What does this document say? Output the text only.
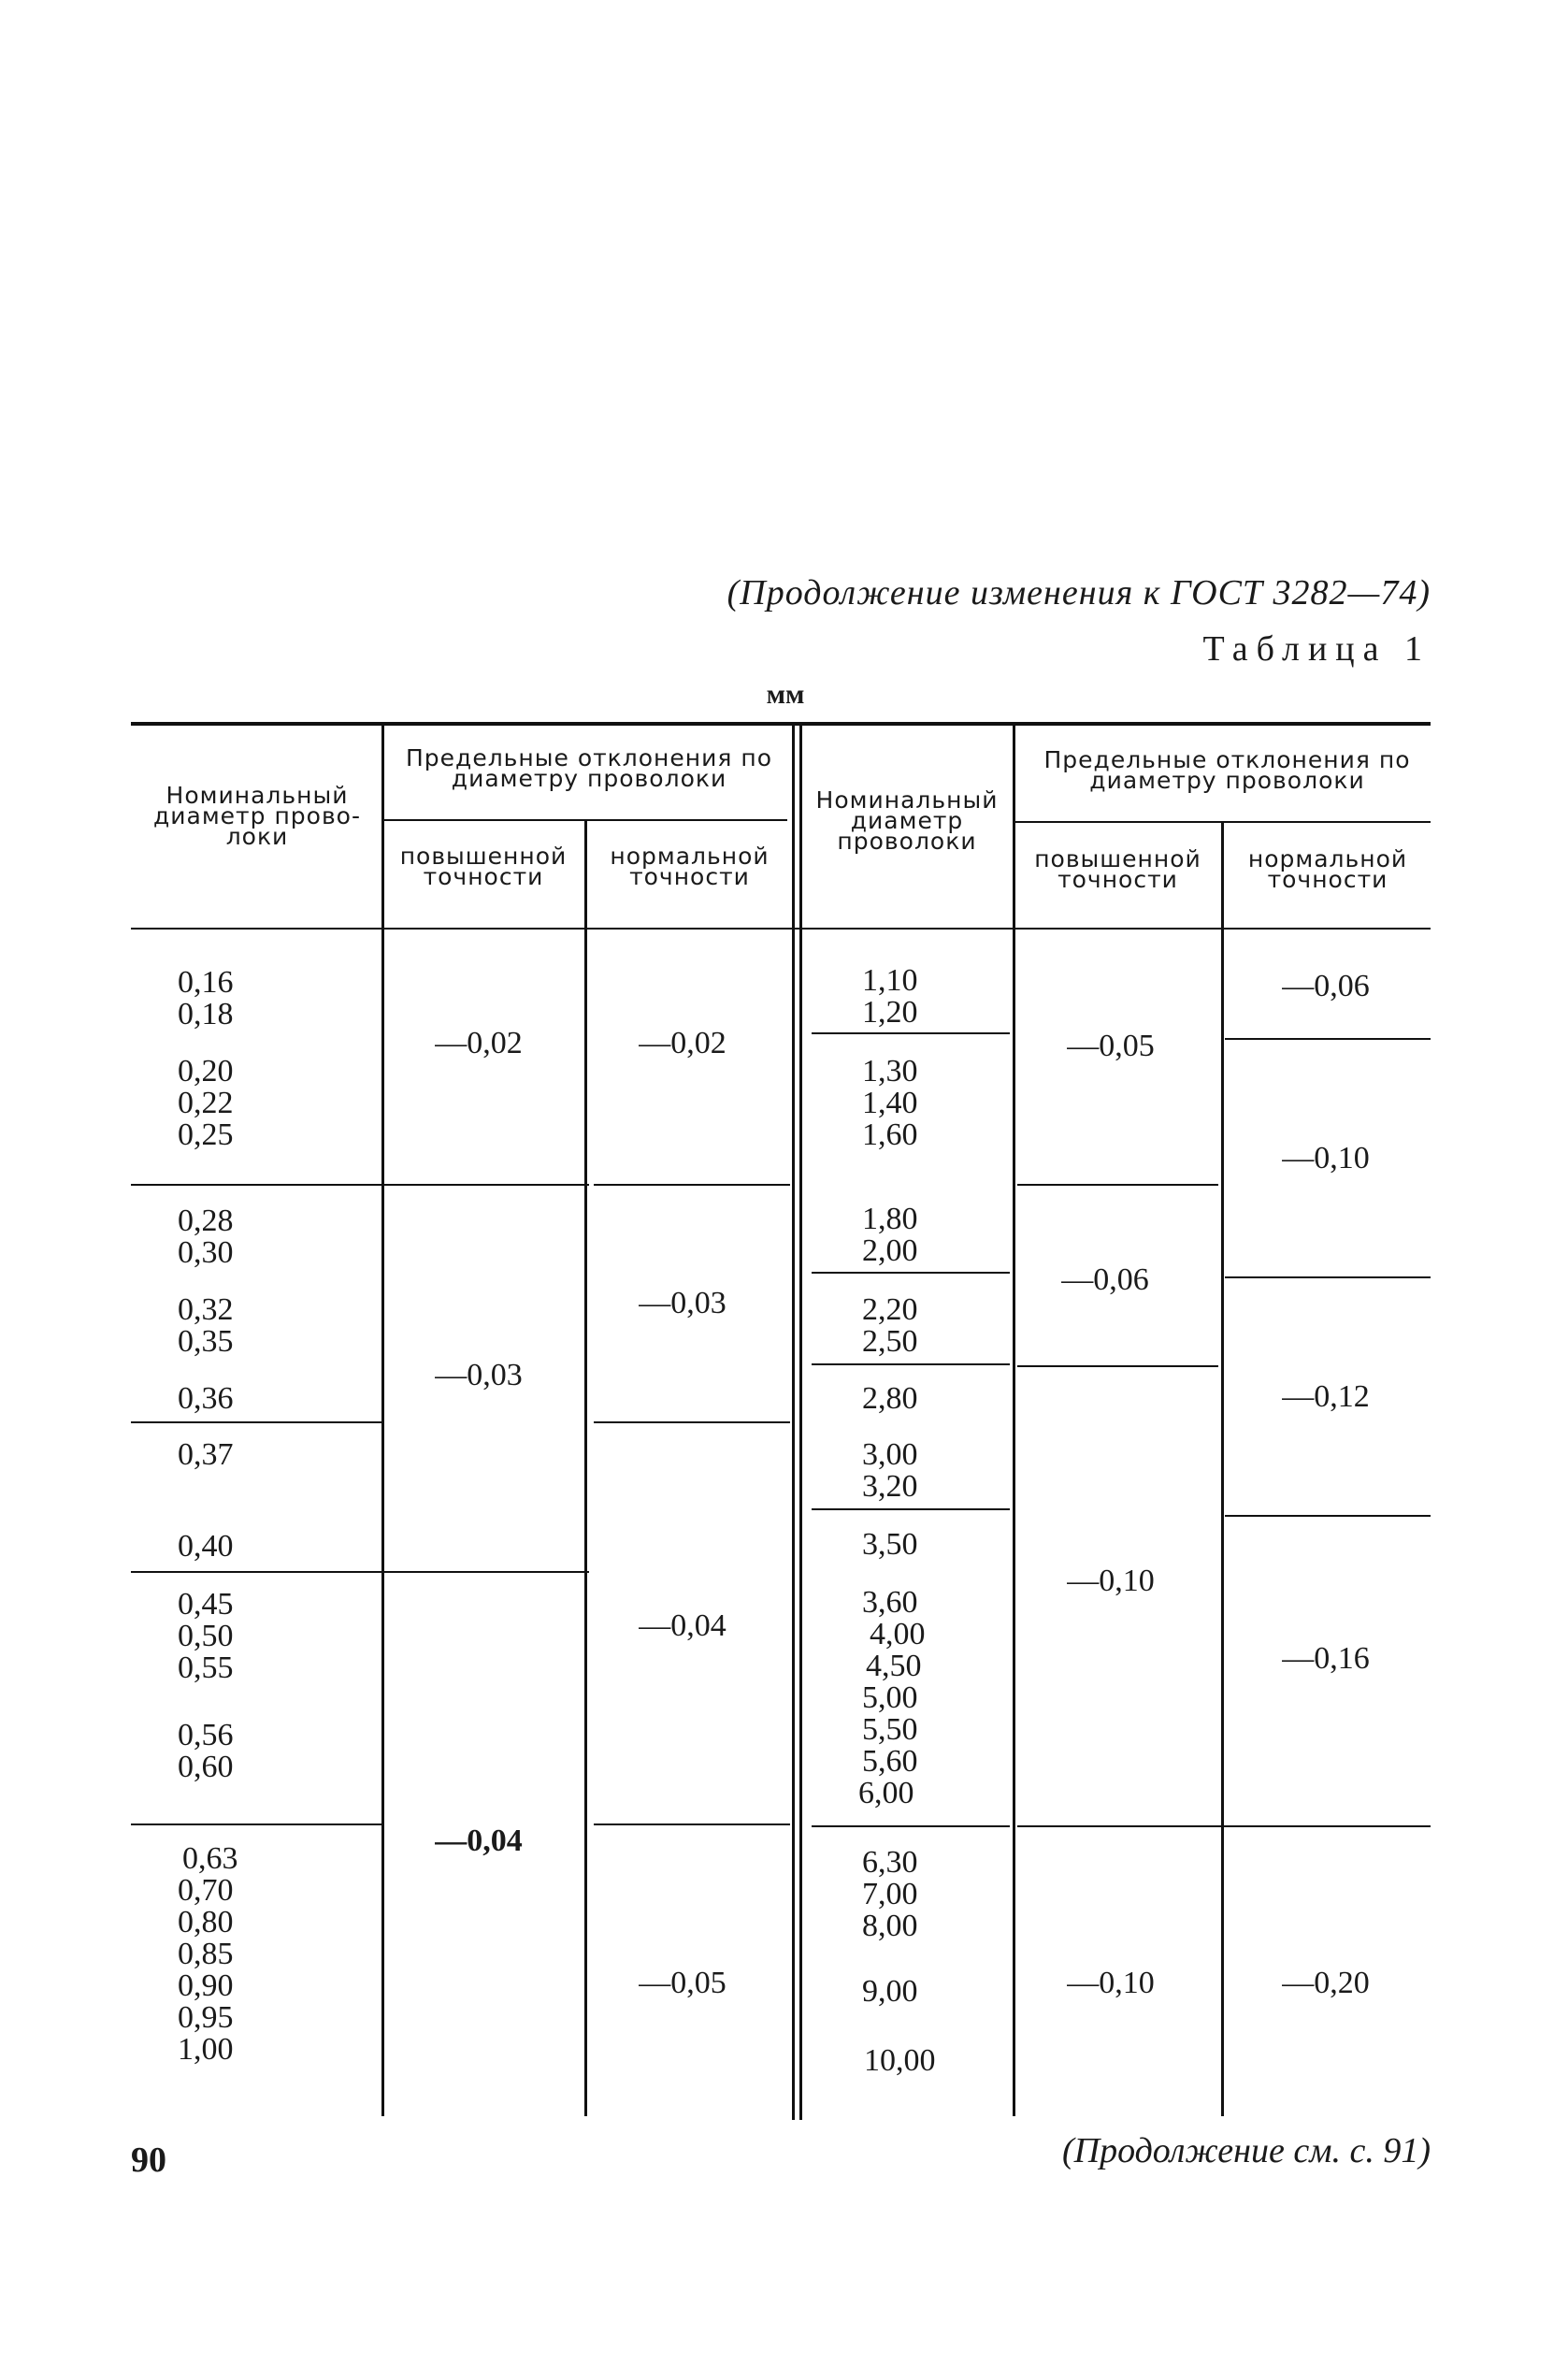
(Продолжение изменения к ГОСТ 3282—74)
Таблица 1
мм
Номинальный диаметр прово-локи
Предельные отклонения по диаметру проволоки
повышенной точности
нормальной точности
Номинальный диаметр проволоки
Предельные отклонения по диаметру проволоки
повышенной точности
нормальной точности
0,16
0,18
0,20
0,22
0,25
0,28
0,30
0,32
0,35
0,36
0,37
0,40
0,45
0,50
0,55
0,56
0,60
0,63
0,70
0,80
0,85
0,90
0,95
1,00
—0,02
—0,03
—0,04
—0,02
—0,03
—0,04
—0,05
1,10
1,20
1,30
1,40
1,60
1,80
2,00
2,20
2,50
2,80
3,00
3,20
3,50
3,60
4,00
4,50
5,00
5,50
5,60
6,00
6,30
7,00
8,00
9,00
10,00
—0,05
—0,06
—0,10
—0,10
—0,06
—0,10
—0,12
—0,16
—0,20
(Продолжение см. с. 91)
90
